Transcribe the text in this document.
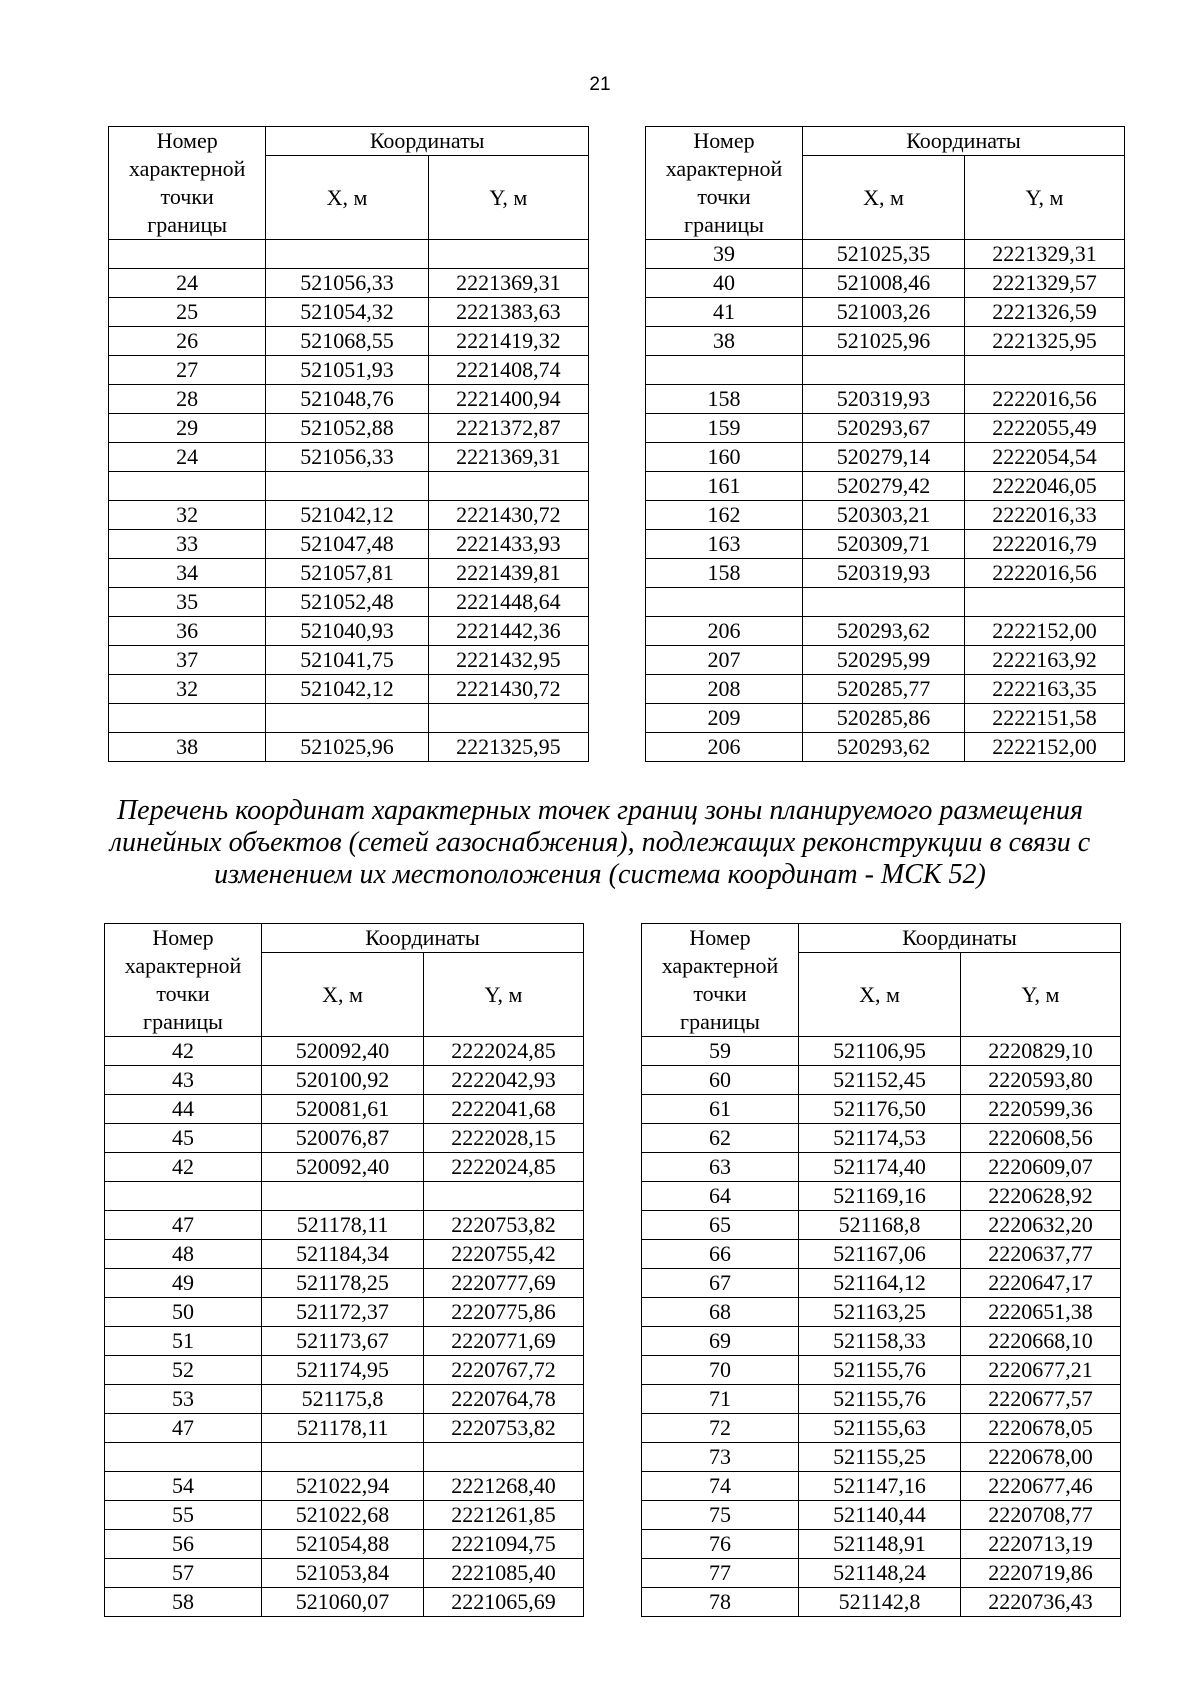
21
Номер
характерной
точки
границы	Координаты	
	X, м	Y, м

24	521056,33	2221369,31
25	521054,32	2221383,63
26	521068,55	2221419,32
27	521051,93	2221408,74
28	521048,76	2221400,94
29	521052,88	2221372,87
24	521056,33	2221369,31

32	521042,12	2221430,72
33	521047,48	2221433,93
34	521057,81	2221439,81
35	521052,48	2221448,64
36	521040,93	2221442,36
37	521041,75	2221432,95
32	521042,12	2221430,72

38	521025,96	2221325,95
Номер
характерной
точки
границы	Координаты	
	X, м	Y, м
39	521025,35	2221329,31
40	521008,46	2221329,57
41	521003,26	2221326,59
38	521025,96	2221325,95

158	520319,93	2222016,56
159	520293,67	2222055,49
160	520279,14	2222054,54
161	520279,42	2222046,05
162	520303,21	2222016,33
163	520309,71	2222016,79
158	520319,93	2222016,56

206	520293,62	2222152,00
207	520295,99	2222163,92
208	520285,77	2222163,35
209	520285,86	2222151,58
206	520293,62	2222152,00
Перечень координат характерных точек границ зоны планируемого размещения
линейных объектов (сетей газоснабжения), подлежащих реконструкции в связи с
изменением их местоположения (система координат - МСК 52)
Номер
характерной
точки
границы	Координаты	
	X, м	Y, м
42	520092,40	2222024,85
43	520100,92	2222042,93
44	520081,61	2222041,68
45	520076,87	2222028,15
42	520092,40	2222024,85

47	521178,11	2220753,82
48	521184,34	2220755,42
49	521178,25	2220777,69
50	521172,37	2220775,86
51	521173,67	2220771,69
52	521174,95	2220767,72
53	521175,8	2220764,78
47	521178,11	2220753,82

54	521022,94	2221268,40
55	521022,68	2221261,85
56	521054,88	2221094,75
57	521053,84	2221085,40
58	521060,07	2221065,69
Номер
характерной
точки
границы	Координаты	
	X, м	Y, м
59	521106,95	2220829,10
60	521152,45	2220593,80
61	521176,50	2220599,36
62	521174,53	2220608,56
63	521174,40	2220609,07
64	521169,16	2220628,92
65	521168,8	2220632,20
66	521167,06	2220637,77
67	521164,12	2220647,17
68	521163,25	2220651,38
69	521158,33	2220668,10
70	521155,76	2220677,21
71	521155,76	2220677,57
72	521155,63	2220678,05
73	521155,25	2220678,00
74	521147,16	2220677,46
75	521140,44	2220708,77
76	521148,91	2220713,19
77	521148,24	2220719,86
78	521142,8	2220736,43
